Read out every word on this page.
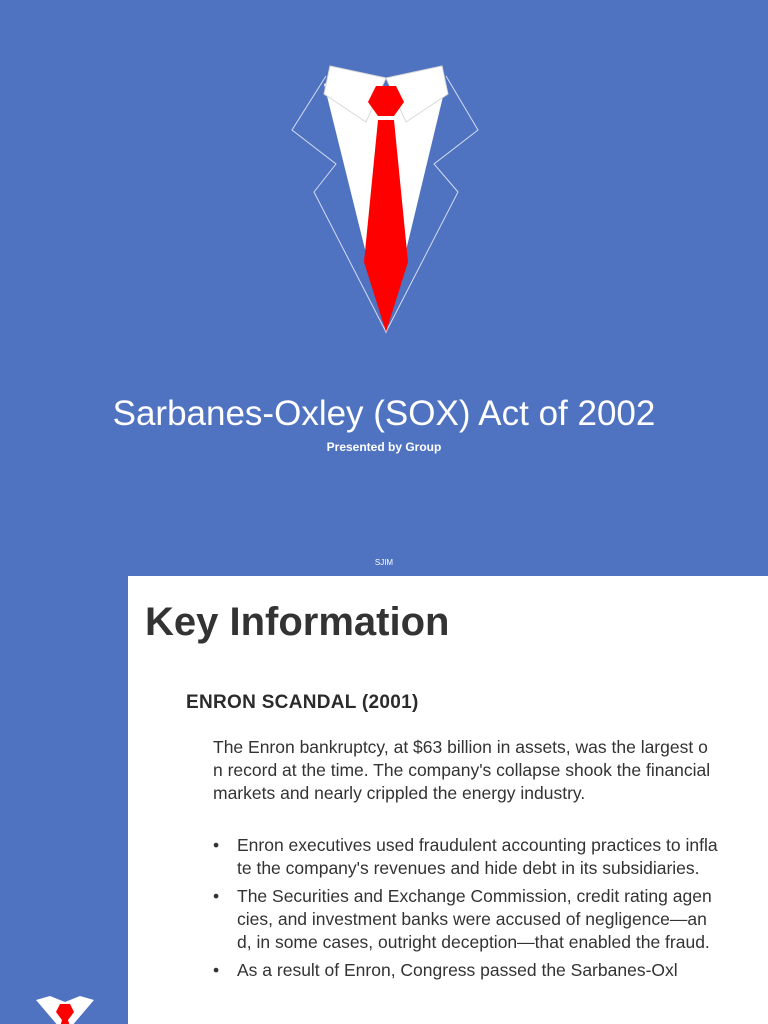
Sarbanes-Oxley (SOX) Act of 2002
Presented by Group
SJIM
Key Information
ENRON SCANDAL (2001)

The Enron bankruptcy, at $63 billion in assets, was the largest on record at the time. The company's collapse shook the financial markets and nearly crippled the energy industry.

• Enron executives used fraudulent accounting practices to inflate the company's revenues and hide debt in its subsidiaries.
• The Securities and Exchange Commission, credit rating agencies, and investment banks were accused of negligence—and, in some cases, outright deception—that enabled the fraud.
• As a result of Enron, Congress passed the Sarbanes-Oxl
